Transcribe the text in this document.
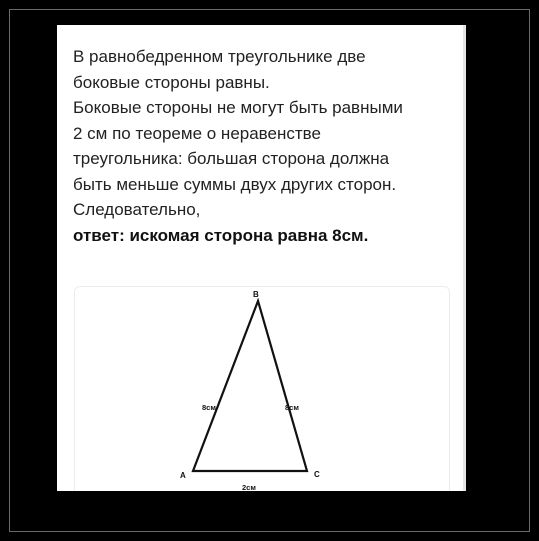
В равнобедренном треугольнике две
боковые стороны равны.
Боковые стороны не могут быть равными
2 см по теореме о неравенстве
треугольника: большая сторона должна
быть меньше суммы двух других сторон.
Следовательно,
ответ: искомая сторона равна 8см.
B
A	C
8см	8см
2см
